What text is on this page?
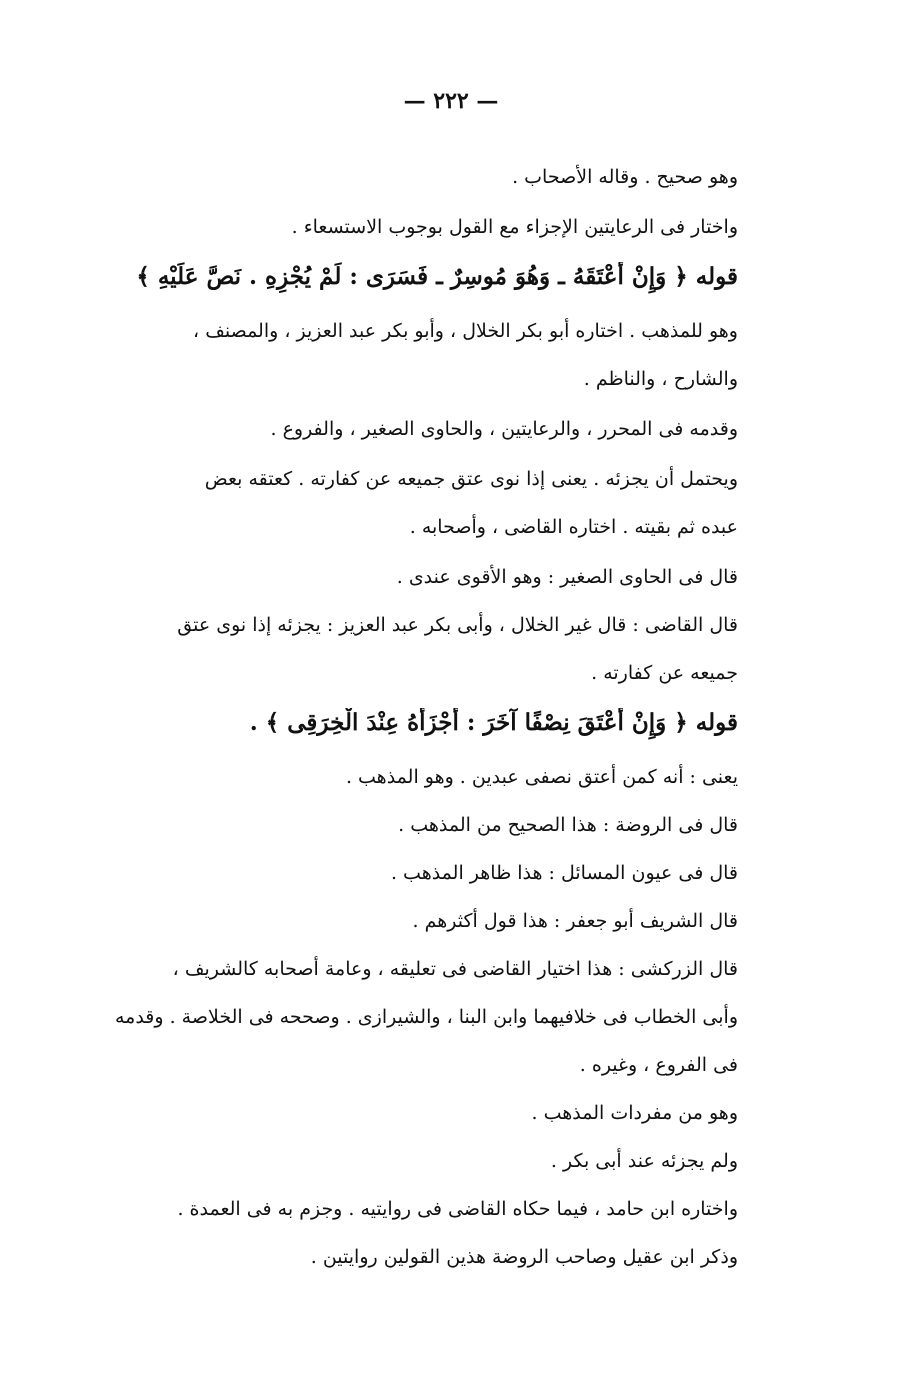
— ٢٢٢ —
وهو صحيح . وقاله الأصحاب .
واختار فى الرعايتين الإجزاء مع القول بوجوب الاستسعاء .
قوله ﴿ وَإِنْ أَعْتَقَهُ ـ وَهُوَ مُوسِرٌ ـ فَسَرَى : لَمْ يُجْزِهِ . نَصَّ عَلَيْهِ ﴾
وهو للمذهب . اختاره أبو بكر الخلال ، وأبو بكر عبد العزيز ، والمصنف ،
والشارح ، والناظم .
وقدمه فى المحرر ، والرعايتين ، والحاوى الصغير ، والفروع .
ويحتمل أن يجزئه . يعنى إذا نوى عتق جميعه عن كفارته . كعتقه بعض
عبده ثم بقيته . اختاره القاضى ، وأصحابه .
قال فى الحاوى الصغير : وهو الأقوى عندى .
قال القاضى : قال غير الخلال ، وأبى بكر عبد العزيز : يجزئه إذا نوى عتق
جميعه عن كفارته .
قوله ﴿ وَإِنْ أَعْتَقَ نِصْفًا آخَرَ : أَجْزَأَهُ عِنْدَ الْخِرَقِى ﴾ .
يعنى : أنه كمن أعتق نصفى عبدين . وهو المذهب .
قال فى الروضة : هذا الصحيح من المذهب .
قال فى عيون المسائل : هذا ظاهر المذهب .
قال الشريف أبو جعفر : هذا قول أكثرهم .
قال الزركشى : هذا اختيار القاضى فى تعليقه ، وعامة أصحابه كالشريف ،
وأبى الخطاب فى خلافيهما وابن البنا ، والشيرازى . وصححه فى الخلاصة . وقدمه
فى الفروع ، وغيره .
وهو من مفردات المذهب .
ولم يجزئه عند أبى بكر .
واختاره ابن حامد ، فيما حكاه القاضى فى روايتيه . وجزم به فى العمدة .
وذكر ابن عقيل وصاحب الروضة هذين القولين روايتين .
